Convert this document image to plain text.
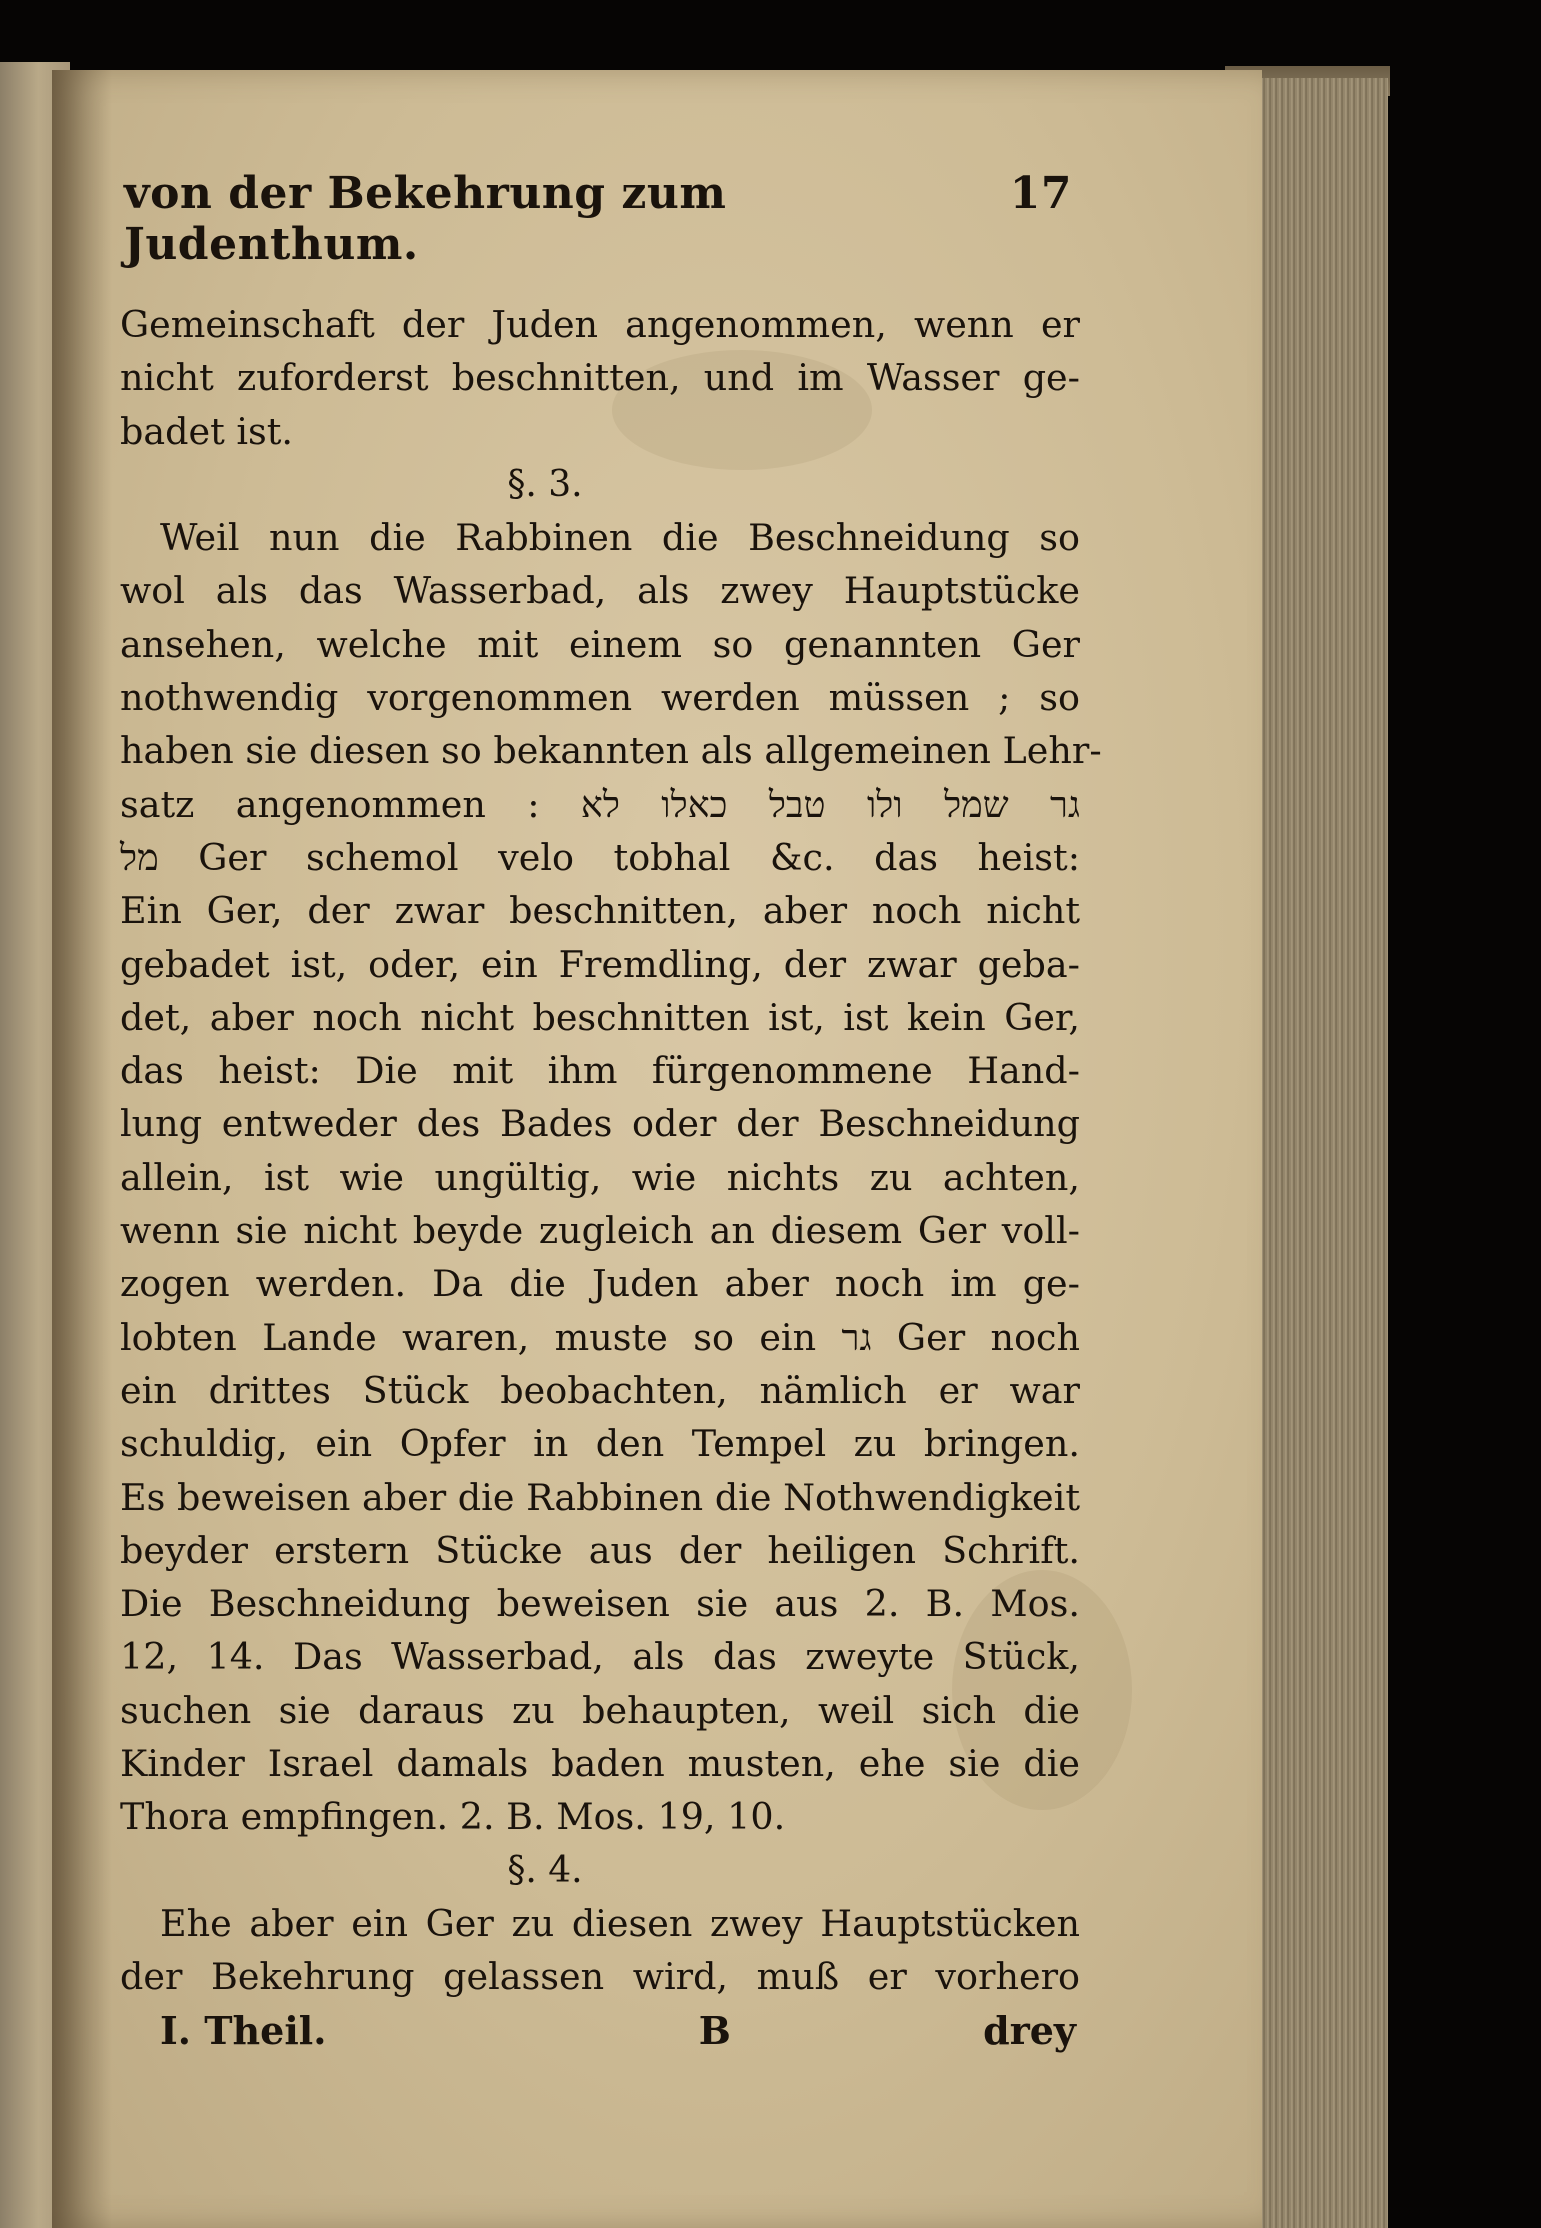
von der Bekehrung zum Judenthum.
17
Gemeinschaft der Juden angenommen, wenn er
nicht zuforderst beschnitten, und im Wasser ge-
badet ist.
§. 3.
Weil nun die Rabbinen die Beschneidung so
wol als das Wasserbad, als zwey Hauptstücke
ansehen, welche mit einem so genannten Ger
nothwendig vorgenommen werden müssen ; so
haben sie diesen so bekannten als allgemeinen Lehr-
satz angenommen : גר שמל ולו טבל כאלו לא
מל Ger schemol velo tobhal &c. das heist:
Ein Ger, der zwar beschnitten, aber noch nicht
gebadet ist, oder, ein Fremdling, der zwar geba-
det, aber noch nicht beschnitten ist, ist kein Ger,
das heist: Die mit ihm fürgenommene Hand-
lung entweder des Bades oder der Beschneidung
allein, ist wie ungültig, wie nichts zu achten,
wenn sie nicht beyde zugleich an diesem Ger voll-
zogen werden. Da die Juden aber noch im ge-
lobten Lande waren, muste so ein גר Ger noch
ein drittes Stück beobachten, nämlich er war
schuldig, ein Opfer in den Tempel zu bringen.
Es beweisen aber die Rabbinen die Nothwendigkeit
beyder erstern Stücke aus der heiligen Schrift.
Die Beschneidung beweisen sie aus 2. B. Mos.
12, 14. Das Wasserbad, als das zweyte Stück,
suchen sie daraus zu behaupten, weil sich die
Kinder Israel damals baden musten, ehe sie die
Thora empfingen. 2. B. Mos. 19, 10.
§. 4.
Ehe aber ein Ger zu diesen zwey Hauptstücken
der Bekehrung gelassen wird, muß er vorhero
I. Theil.	B	drey
